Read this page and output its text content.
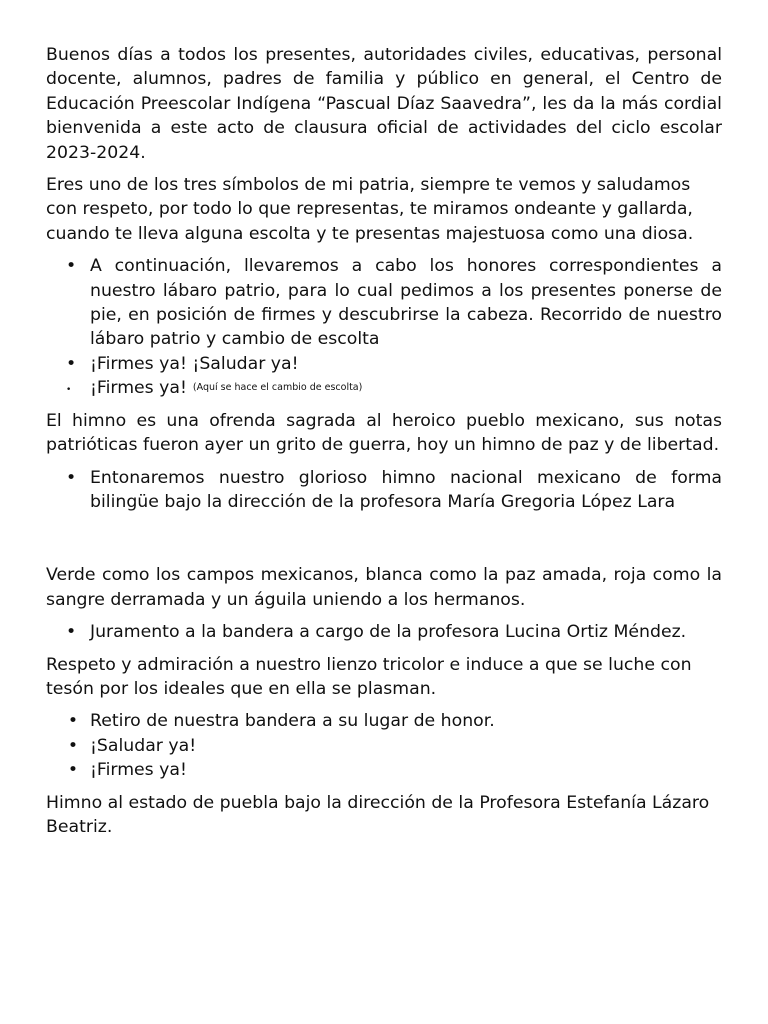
Buenos días a todos los presentes, autoridades civiles, educativas, personal docente, alumnos, padres de familia y público en general, el Centro de Educación Preescolar Indígena “Pascual Díaz Saavedra”, les da la más cordial bienvenida a este acto de clausura oficial de actividades del ciclo escolar 2023-2024.

Eres uno de los tres símbolos de mi patria, siempre te vemos y saludamos con respeto, por todo lo que representas, te miramos ondeante y gallarda, cuando te lleva alguna escolta y te presentas majestuosa como una diosa.

• A continuación, llevaremos a cabo los honores correspondientes a nuestro lábaro patrio, para lo cual pedimos a los presentes ponerse de pie, en posición de firmes y descubrirse la cabeza. Recorrido de nuestro lábaro patrio y cambio de escolta
• ¡Firmes ya! ¡Saludar ya!
•	¡Firmes ya! (Aquí se hace el cambio de escolta)

El himno es una ofrenda sagrada al heroico pueblo mexicano, sus notas patrióticas fueron ayer un grito de guerra, hoy un himno de paz y de libertad.

• Entonaremos nuestro glorioso himno nacional mexicano de forma bilingüe bajo la dirección de la profesora María Gregoria López Lara

Verde como los campos mexicanos, blanca como la paz amada, roja como la sangre derramada y un águila uniendo a los hermanos.

• Juramento a la bandera a cargo de la profesora Lucina Ortiz Méndez.

Respeto y admiración a nuestro lienzo tricolor e induce a que se luche con tesón por los ideales que en ella se plasman.

• Retiro de nuestra bandera a su lugar de honor.
• ¡Saludar ya!
• ¡Firmes ya!

Himno al estado de puebla bajo la dirección de la Profesora Estefanía Lázaro Beatriz.
